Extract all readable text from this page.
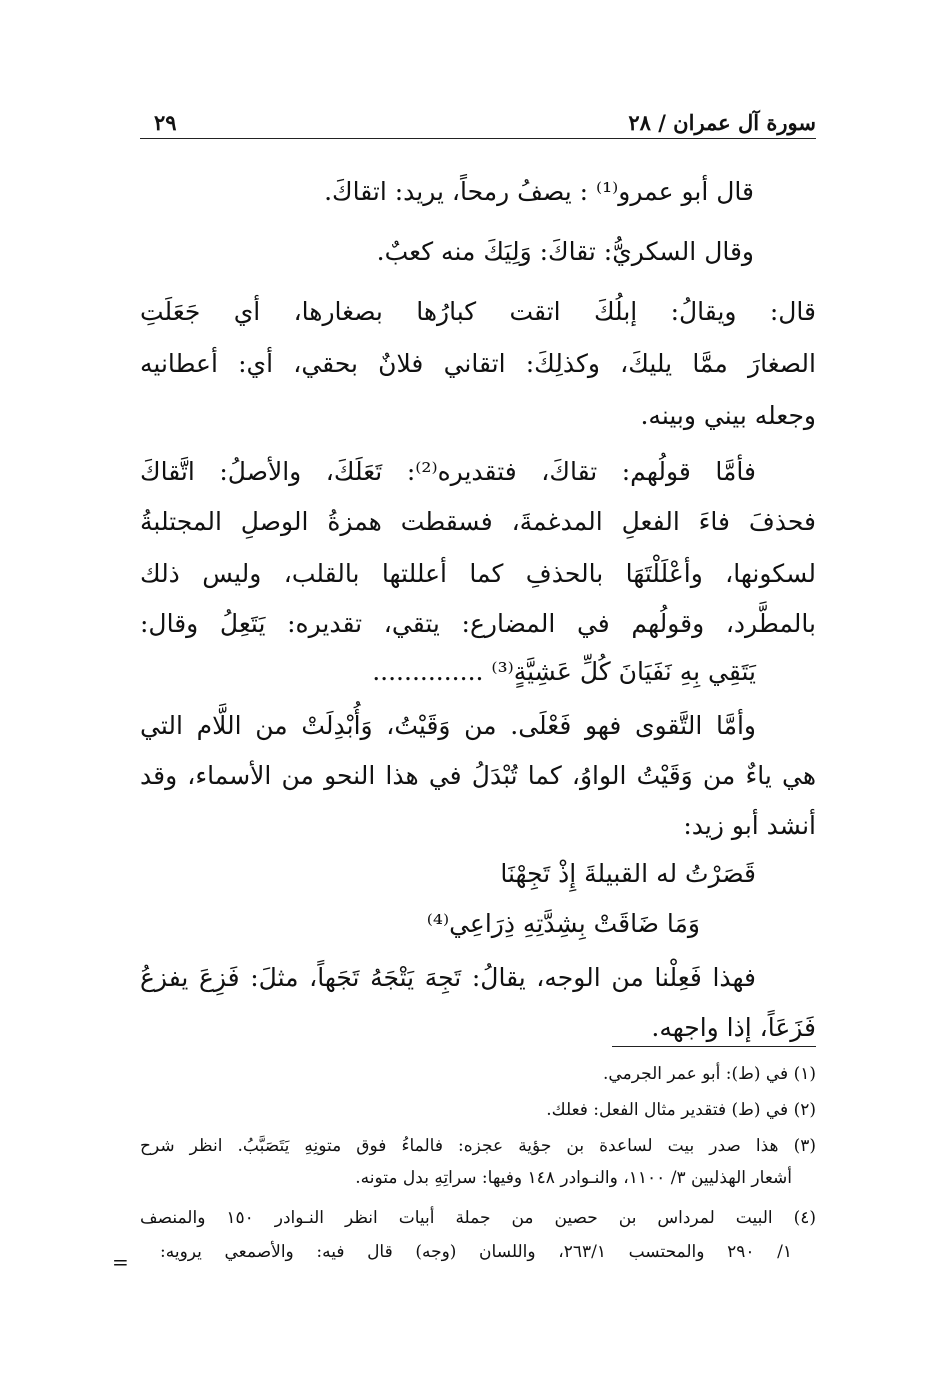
سورة آل عمران / ٢٨
٢٩
قال أبو عمرو⁽¹⁾ : يصفُ رمحاً، يريد: اتقاكَ.
وقال السكريُّ: تقاكَ: وَلِيَكَ منه كعبٌ.
قال: ويقالُ: إبلُكَ اتقت كبارُها بصغارها، أي جَعَلَتِ
الصغارَ ممَّا يليكَ، وكذلِكَ: اتقاني فلانٌ بحقي، أي: أعطانيه
وجعله بيني وبينه.
فأمَّا قولُهم: تقاكَ، فتقديره⁽²⁾: تَعَلَكَ، والأصلُ: اتَّقاكَ
فحذفَ فاءَ الفعلِ المدغمةَ، فسقطت همزةُ الوصلِ المجتلبةُ
لسكونها، وأعْلَلْتَهَا بالحذفِ كما أعللتها بالقلب، وليس ذلك
بالمطَّرد، وقولُهم في المضارع: يتقي، تقديره: يَتَعِلُ وقال:
يَتَقِي بِهِ نَفَيَانَ كُلِّ عَشِيَّةٍ⁽³⁾ ..............
وأمَّا التَّقوى فهو فَعْلَى. من وَقَيْتُ، وَأُبْدِلَتْ من اللَّام التي
هي ياءٌ من وَقَيْتُ الواوُ، كما تُبْدَلُ في هذا النحو من الأسماء، وقد
أنشد أبو زيد:
قَصَرْتُ له القبيلةَ إِذْ تَجِهْنَا
وَمَا ضَاقَتْ بِشِدَّتِهِ ذِرَاعِي⁽⁴⁾
فهذا فَعِلْنا من الوجه، يقالُ: تَجِهَ يَتْجَهُ تَجَهاً، مثلَ: فَزِعَ يفزعُ
فَزَعَاً، إذا واجهه.
(١) في (ط): أبو عمر الجرمي.
(٢) في (ط) فتقدير مثال الفعل: فعلك.
(٣) هذا صدر بيت لساعدة بن جؤية عجزه: فالماءُ فوق متونِهِ يَتَصَبَّبُ. انظر شرح
أشعار الهذليين ٣/ ١١٠٠، والنـوادر ١٤٨ وفيها: سراتِهِ بدل متونه.
(٤) البيت لمرداس بن حصين من جملة أبيات انظر النـوادر ١٥٠ والمنصف
١/ ٢٩٠ والمحتسب ٢٦٣/١، واللسان (وجه) قال فيه: والأصمعي يرويه:
=
